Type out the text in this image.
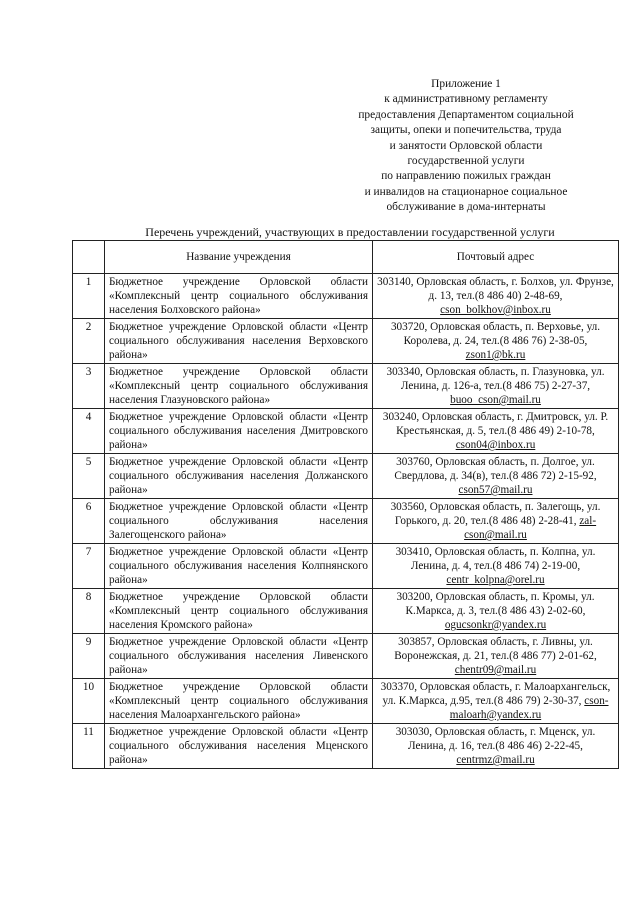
Приложение 1
к административному регламенту
предоставления Департаментом социальной
защиты, опеки и попечительства, труда
и занятости Орловской области
государственной услуги
по направлению пожилых граждан
и инвалидов на стационарное социальное
обслуживание в дома-интернаты
Перечень учреждений, участвующих в предоставлении государственной услуги
	Название учреждения	Почтовый адрес
1	Бюджетное учреждение Орловской области «Комплексный центр социального обслуживания населения Болховского района»	303140, Орловская область, г. Болхов, ул. Фрунзе, д. 13, тел.(8 486 40) 2-48-69, cson_bolkhov@inbox.ru
2	Бюджетное учреждение Орловской области «Центр социального обслуживания населения Верховского района»	303720, Орловская область, п. Верховье, ул. Королева, д. 24, тел.(8 486 76) 2-38-05, zson1@bk.ru
3	Бюджетное учреждение Орловской области «Комплексный центр социального обслуживания населения Глазуновского района»	303340, Орловская область, п. Глазуновка, ул. Ленина, д. 126-а, тел.(8 486 75) 2-27-37, buoo_cson@mail.ru
4	Бюджетное учреждение Орловской области «Центр социального обслуживания населения Дмитровского района»	303240, Орловская область, г. Дмитровск, ул. Р. Крестьянская, д. 5, тел.(8 486 49) 2-10-78, cson04@inbox.ru
5	Бюджетное учреждение Орловской области «Центр социального обслуживания населения Должанского района»	303760, Орловская область, п. Долгое, ул. Свердлова, д. 34(в), тел.(8 486 72) 2-15-92, cson57@mail.ru
6	Бюджетное учреждение Орловской области «Центр социального обслуживания населения Залегощенского района»	303560, Орловская область, п. Залегощь, ул. Горького, д. 20, тел.(8 486 48) 2-28-41, zal-cson@mail.ru
7	Бюджетное учреждение Орловской области «Центр социального обслуживания населения Колпнянского района»	303410, Орловская область, п. Колпна, ул. Ленина, д. 4, тел.(8 486 74) 2-19-00, centr_kolpna@orel.ru
8	Бюджетное учреждение Орловской области «Комплексный центр социального обслуживания населения Кромского района»	303200, Орловская область, п. Кромы, ул. К.Маркса, д. 3, тел.(8 486 43) 2-02-60, ogucsonkr@yandex.ru
9	Бюджетное учреждение Орловской области «Центр социального обслуживания населения Ливенского района»	303857, Орловская область, г. Ливны, ул. Воронежская, д. 21, тел.(8 486 77) 2-01-62, chentr09@mail.ru
10	Бюджетное учреждение Орловской области «Комплексный центр социального обслуживания населения Малоархангельского района»	303370, Орловская область, г. Малоархангельск, ул. К.Маркса, д.95, тел.(8 486 79) 2-30-37, cson-maloarh@yandex.ru
11	Бюджетное учреждение Орловской области «Центр социального обслуживания населения Мценского района»	303030, Орловская область, г. Мценск, ул. Ленина, д. 16, тел.(8 486 46) 2-22-45, centrmz@mail.ru
